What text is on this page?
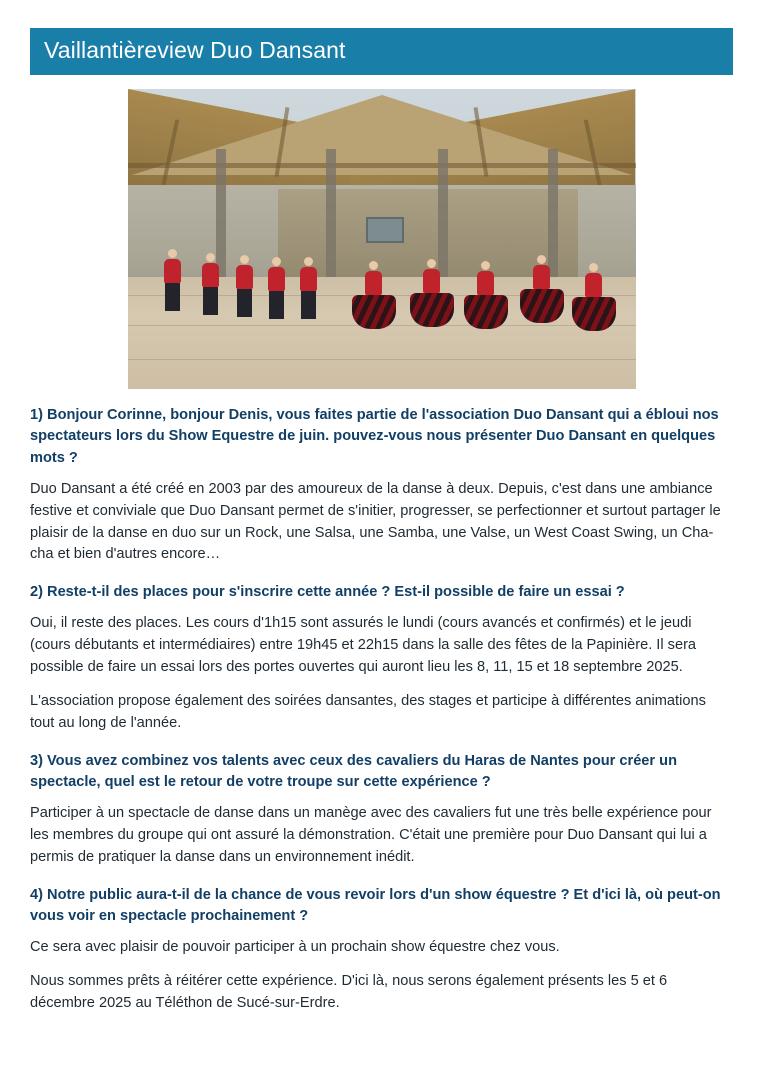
Vaillantièreview Duo Dansant

1) Bonjour Corinne, bonjour Denis, vous faites partie de l'association Duo Dansant qui a ébloui nos spectateurs lors du Show Equestre de juin. pouvez-vous nous présenter Duo Dansant en quelques mots ?

Duo Dansant a été créé en 2003 par des amoureux de la danse à deux. Depuis, c'est dans une ambiance festive et conviviale que Duo Dansant permet de s'initier, progresser, se perfectionner et surtout partager le plaisir de la danse en duo sur un Rock, une Salsa, une Samba, une Valse, un West Coast Swing, un Cha-cha et bien d'autres encore…

2) Reste-t-il des places pour s'inscrire cette année ? Est-il possible de faire un essai ?

Oui, il reste des places. Les cours d'1h15 sont assurés le lundi (cours avancés et confirmés) et le jeudi (cours débutants et intermédiaires) entre 19h45 et 22h15 dans la salle des fêtes de la Papinière. Il sera possible de faire un essai lors des portes ouvertes qui auront lieu les 8, 11, 15 et 18 septembre 2025.

L'association propose également des soirées dansantes, des stages et participe à différentes animations tout au long de l'année.

3) Vous avez combinez vos talents avec ceux des cavaliers du Haras de Nantes pour créer un spectacle, quel est le retour de votre troupe sur cette expérience ?

Participer à un spectacle de danse dans un manège avec des cavaliers fut une très belle expérience pour les membres du groupe qui ont assuré la démonstration. C'était une première pour Duo Dansant qui lui a permis de pratiquer la danse dans un environnement inédit.

4) Notre public aura-t-il de la chance de vous revoir lors d'un show équestre ? Et d'ici là, où peut-on vous voir en spectacle prochainement ?

Ce sera avec plaisir de pouvoir participer à un prochain show équestre chez vous.

Nous sommes prêts à réitérer cette expérience. D'ici là, nous serons également présents les 5 et 6 décembre 2025 au Téléthon de Sucé-sur-Erdre.
